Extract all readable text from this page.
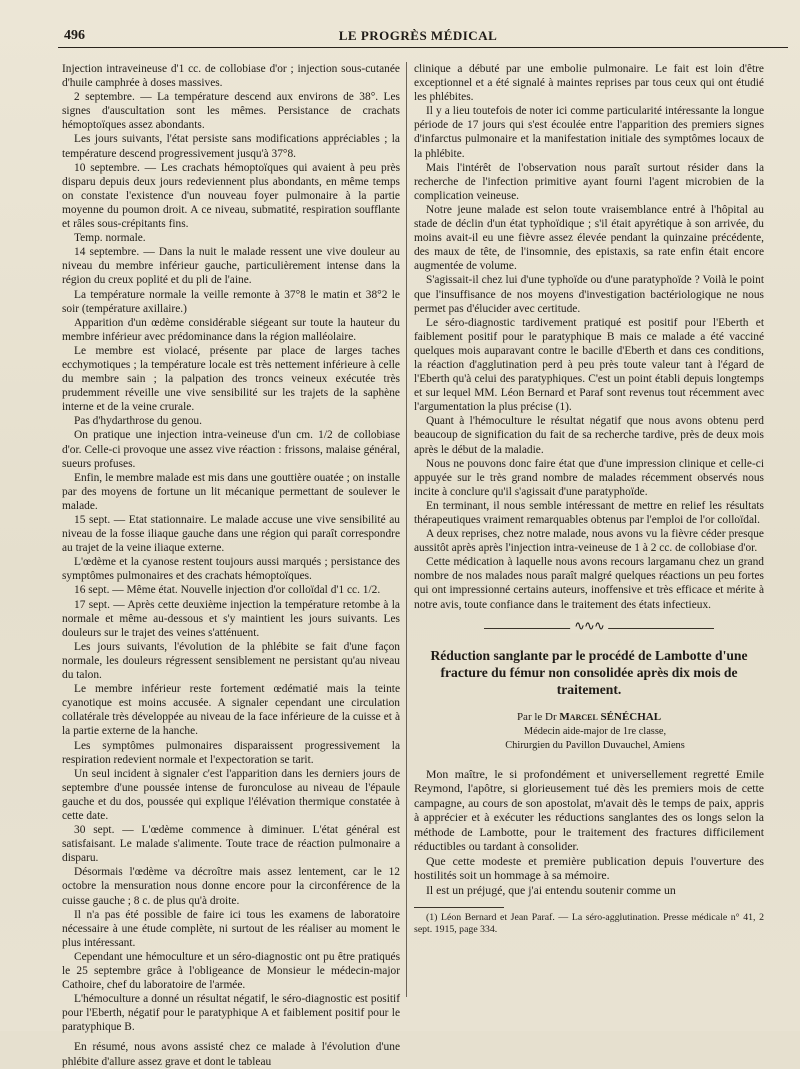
496	LE PROGRÈS MÉDICAL

Injection intraveineuse d'1 cc. de collobiase d'or ; injection sous-cutanée d'huile camphrée à doses massives.

2 septembre. — La température descend aux environs de 38°. Les signes d'auscultation sont les mêmes. Persistance de crachats hémoptoïques assez abondants.

Les jours suivants, l'état persiste sans modifications appréciables ; la température descend progressivement jusqu'à 37°8.

10 septembre. — Les crachats hémoptoïques qui avaient à peu près disparu depuis deux jours redeviennent plus abondants, en même temps on constate l'existence d'un nouveau foyer pulmonaire à la partie moyenne du poumon droit. A ce niveau, submatité, respiration soufflante et râles sous-crépitants fins.

Temp. normale.

14 septembre. — Dans la nuit le malade ressent une vive douleur au niveau du membre inférieur gauche, particulièrement intense dans la région du creux poplité et du pli de l'aine.

La température normale la veille remonte à 37°8 le matin et 38°2 le soir (température axillaire.)

Apparition d'un œdème considérable siégeant sur toute la hauteur du membre inférieur avec prédominance dans la région malléolaire.

Le membre est violacé, présente par place de larges taches ecchymotiques ; la température locale est très nettement inférieure à celle du membre sain ; la palpation des troncs veineux exécutée très prudemment réveille une vive sensibilité sur les trajets de la saphène interne et de la veine crurale.

Pas d'hydarthrose du genou.

On pratique une injection intra-veineuse d'un cm. 1/2 de collobiase d'or. Celle-ci provoque une assez vive réaction : frissons, malaise général, sueurs profuses.

Enfin, le membre malade est mis dans une gouttière ouatée ; on installe par des moyens de fortune un lit mécanique permettant de soulever le malade.

15 sept. — Etat stationnaire. Le malade accuse une vive sensibilité au niveau de la fosse iliaque gauche dans une région qui paraît correspondre au trajet de la veine iliaque externe.

L'œdème et la cyanose restent toujours aussi marqués ; persistance des symptômes pulmonaires et des crachats hémoptoïques.

16 sept. — Même état. Nouvelle injection d'or colloïdal d'1 cc. 1/2.

17 sept. — Après cette deuxième injection la température retombe à la normale et même au-dessous et s'y maintient les jours suivants. Les douleurs sur le trajet des veines s'atténuent.

Les jours suivants, l'évolution de la phlébite se fait d'une façon normale, les douleurs régressent sensiblement ne persistant qu'au niveau du talon.

Le membre inférieur reste fortement œdématié mais la teinte cyanotique est moins accusée. A signaler cependant une circulation collatérale très développée au niveau de la face inférieure de la cuisse et à la partie externe de la hanche.

Les symptômes pulmonaires disparaissent progressivement la respiration redevient normale et l'expectoration se tarit.

Un seul incident à signaler c'est l'apparition dans les derniers jours de septembre d'une poussée intense de furonculose au niveau de l'épaule gauche et du dos, poussée qui explique l'élévation thermique constatée à cette date.

30 sept. — L'œdème commence à diminuer. L'état général est satisfaisant. Le malade s'alimente. Toute trace de réaction pulmonaire a disparu.

Désormais l'œdème va décroître mais assez lentement, car le 12 octobre la mensuration nous donne encore pour la circonférence de la cuisse gauche ; 8 c. de plus qu'à droite.

Il n'a pas été possible de faire ici tous les examens de laboratoire nécessaire à une étude complète, ni surtout de les réaliser au moment le plus intéressant.

Cependant une hémoculture et un séro-diagnostic ont pu être pratiqués le 25 septembre grâce à l'obligeance de Monsieur le médecin-major Cathoire, chef du laboratoire de l'armée.

L'hémoculture a donné un résultat négatif, le séro-diagnostic est positif pour l'Eberth, négatif pour le paratyphique A et faiblement positif pour le paratyphique B.

En résumé, nous avons assisté chez ce malade à l'évolution d'une phlébite d'allure assez grave et dont le tableau

clinique a débuté par une embolie pulmonaire. Le fait est loin d'être exceptionnel et a été signalé à maintes reprises par tous ceux qui ont étudié les phlébites.

Il y a lieu toutefois de noter ici comme particularité intéressante la longue période de 17 jours qui s'est écoulée entre l'apparition des premiers signes d'infarctus pulmonaire et la manifestation initiale des symptômes locaux de la phlébite.

Mais l'intérêt de l'observation nous paraît surtout résider dans la recherche de l'infection primitive ayant fourni l'agent microbien de la complication veineuse.

Notre jeune malade est selon toute vraisemblance entré à l'hôpital au stade de déclin d'un état typhoïdique ; s'il était apyrétique à son arrivée, du moins avait-il eu une fièvre assez élevée pendant la quinzaine précédente, des maux de tête, de l'insomnie, des epistaxis, sa rate enfin était encore augmentée de volume.

S'agissait-il chez lui d'une typhoïde ou d'une paratyphoïde ? Voilà le point que l'insuffisance de nos moyens d'investigation bactériologique ne nous permet pas d'élucider avec certitude.

Le séro-diagnostic tardivement pratiqué est positif pour l'Eberth et faiblement positif pour le paratyphique B mais ce malade a été vacciné quelques mois auparavant contre le bacille d'Eberth et dans ces conditions, la réaction d'agglutination perd à peu près toute valeur tant à l'égard de l'Eberth qu'à celui des paratyphiques. C'est un point établi depuis longtemps et sur lequel MM. Léon Bernard et Paraf sont revenus tout récemment avec l'argumentation la plus précise (1).

Quant à l'hémoculture le résultat négatif que nous avons obtenu perd beaucoup de signification du fait de sa recherche tardive, près de deux mois après le début de la maladie.

Nous ne pouvons donc faire état que d'une impression clinique et celle-ci appuyée sur le très grand nombre de malades récemment observés nous incite à conclure qu'il s'agissait d'une paratyphoïde.

En terminant, il nous semble intéressant de mettre en relief les résultats thérapeutiques vraiment remarquables obtenus par l'emploi de l'or colloïdal.

A deux reprises, chez notre malade, nous avons vu la fièvre céder presque aussitôt après après l'injection intra-veineuse de 1 à 2 cc. de collobiase d'or.

Cette médication à laquelle nous avons recours largamanu chez un grand nombre de nos malades nous paraît malgré quelques réactions un peu fortes qui ont impressionné certains auteurs, inoffensive et très efficace et mérite à notre avis, toute confiance dans le traitement des états infectieux.

∿∿∿
Réduction sanglante par le procédé de Lambotte d'une fracture du fémur non consolidée après dix mois de traitement.
Par le Dr Marcel SÉNÉCHAL

Médecin aide-major de 1re classe,

Chirurgien du Pavillon Duvauchel, Amiens

Mon maître, le si profondément et universellement regretté Emile Reymond, l'apôtre, si glorieusement tué dès les premiers mois de cette campagne, au cours de son apostolat, m'avait dès le temps de paix, appris à apprécier et à exécuter les réductions sanglantes des os longs selon la méthode de Lambotte, pour le traitement des fractures difficilement réductibles ou tardant à consolider.

Que cette modeste et première publication depuis l'ouverture des hostilités soit un hommage à sa mémoire.

Il est un préjugé, que j'ai entendu soutenir comme un

(1) Léon Bernard et Jean Paraf. — La séro-agglutination. Presse médicale n° 41, 2 sept. 1915, page 334.
